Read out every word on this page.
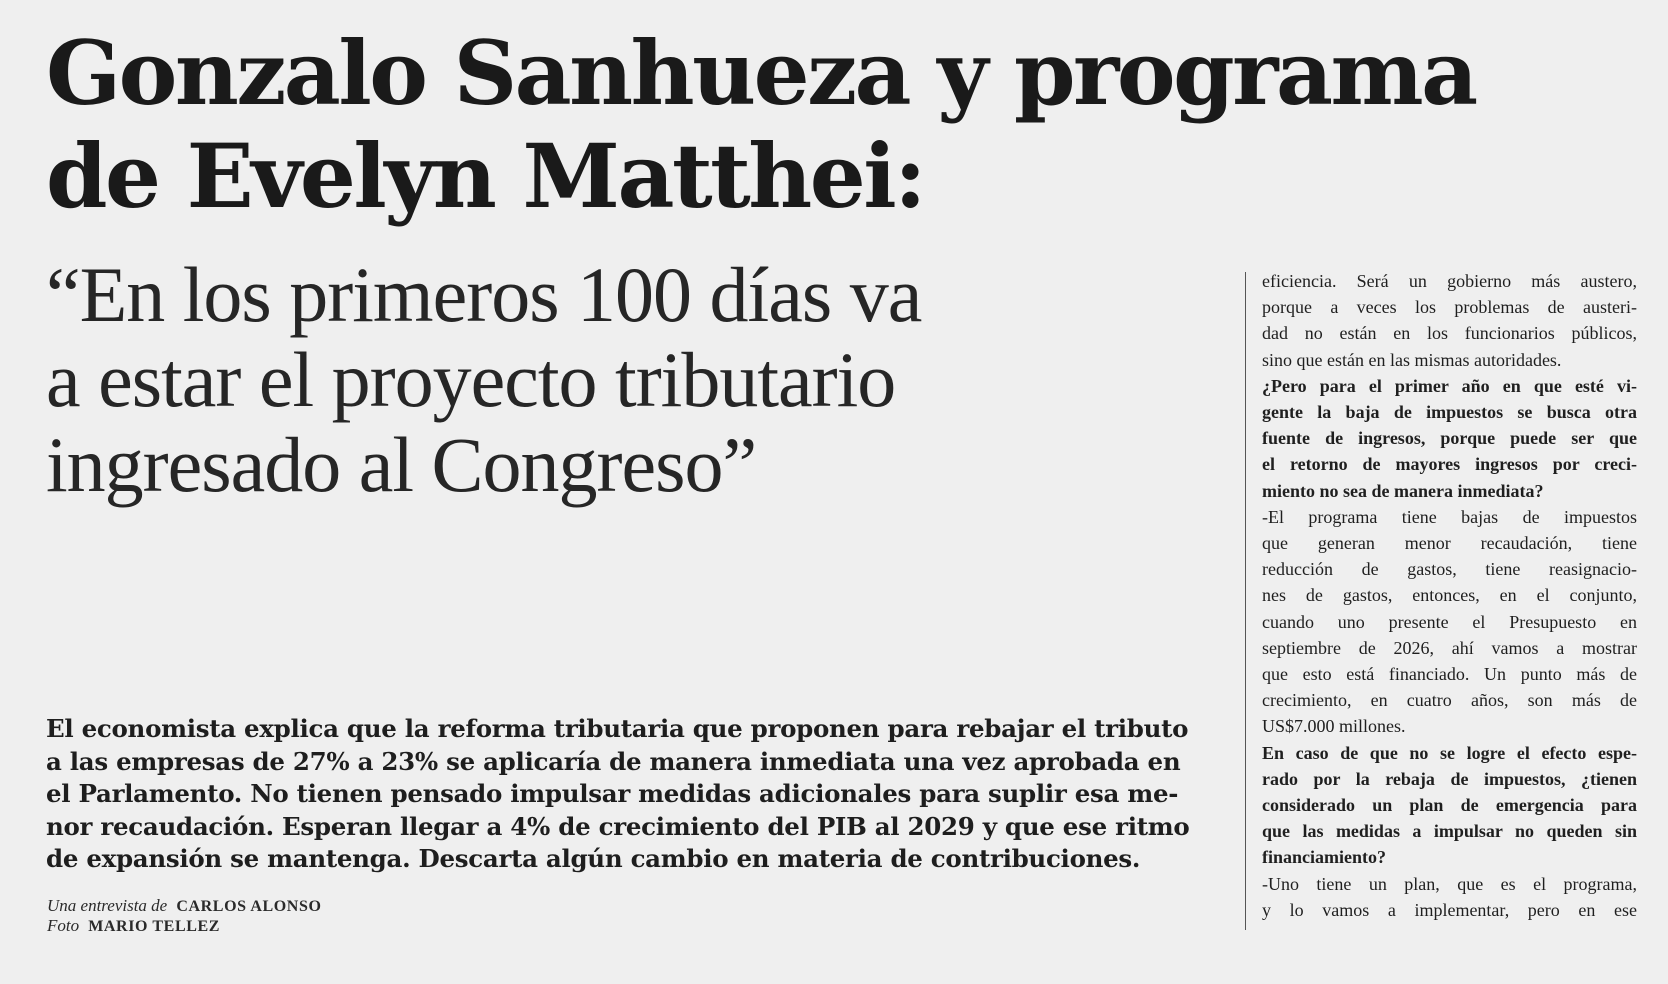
Gonzalo Sanhueza y programa
de Evelyn Matthei:
“En los primeros 100 días va
a estar el proyecto tributario
ingresado al Congreso”

El economista explica que la reforma tributaria que proponen para rebajar el tributo
a las empresas de 27% a 23% se aplicaría de manera inmediata una vez aprobada en
el Parlamento. No tienen pensado impulsar medidas adicionales para suplir esa me-
nor recaudación. Esperan llegar a 4% de crecimiento del PIB al 2029 y que ese ritmo
de expansión se mantenga. Descarta algún cambio en materia de contribuciones.

Una entrevista de CARLOS ALONSO
Foto MARIO TELLEZ
eficiencia. Será un gobierno más austero,
porque a veces los problemas de austeri-
dad no están en los funcionarios públicos,
sino que están en las mismas autoridades.
¿Pero para el primer año en que esté vi-
gente la baja de impuestos se busca otra
fuente de ingresos, porque puede ser que
el retorno de mayores ingresos por creci-
miento no sea de manera inmediata?
-El programa tiene bajas de impuestos
que generan menor recaudación, tiene
reducción de gastos, tiene reasignacio-
nes de gastos, entonces, en el conjunto,
cuando uno presente el Presupuesto en
septiembre de 2026, ahí vamos a mostrar
que esto está financiado. Un punto más de
crecimiento, en cuatro años, son más de
US$7.000 millones.
En caso de que no se logre el efecto espe-
rado por la rebaja de impuestos, ¿tienen
considerado un plan de emergencia para
que las medidas a impulsar no queden sin
financiamiento?
-Uno tiene un plan, que es el programa,
y lo vamos a implementar, pero en ese
